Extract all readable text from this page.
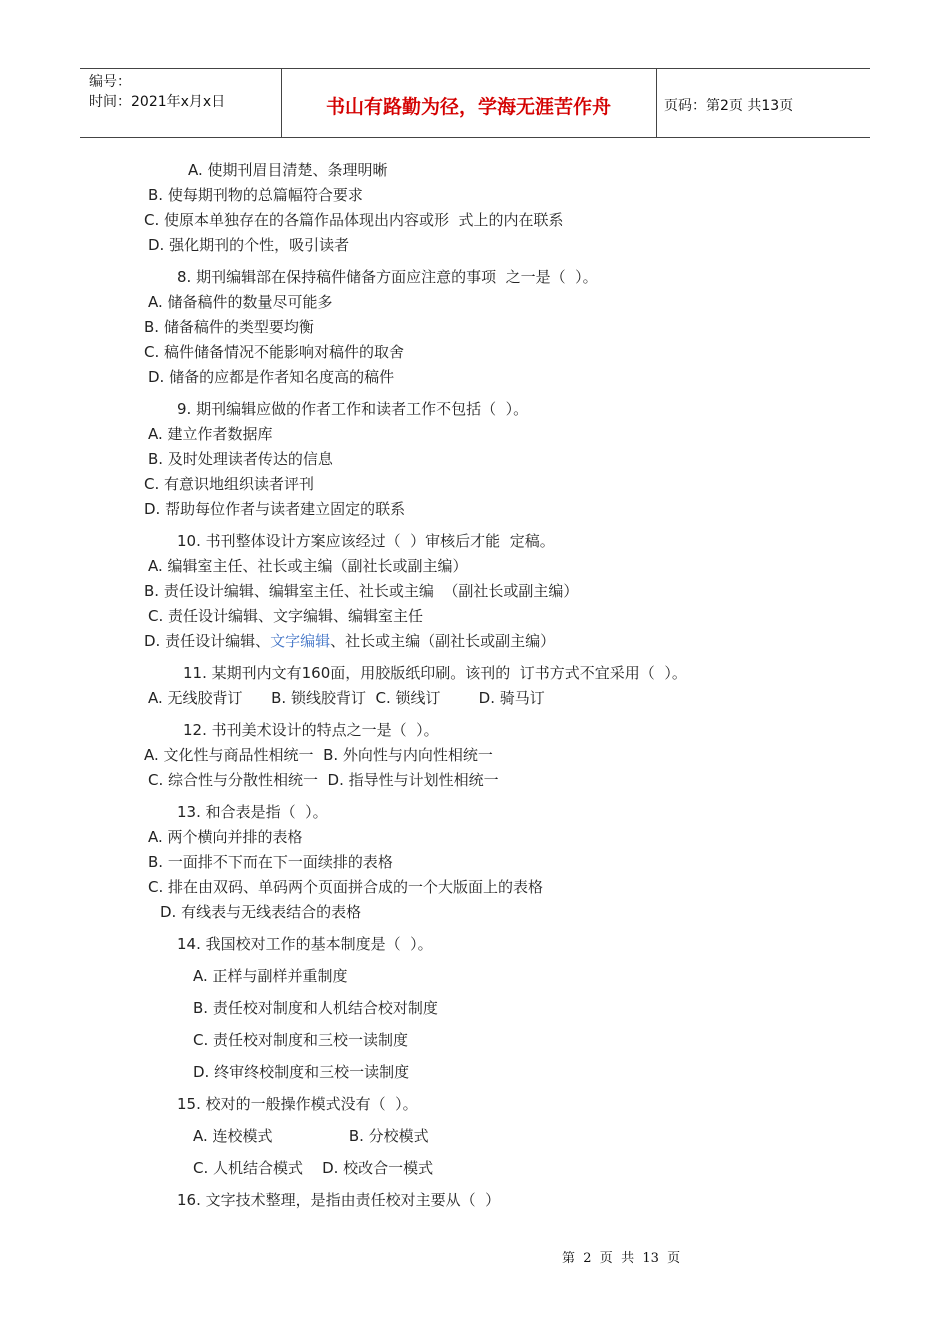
编号：
时间：2021年x月x日	书山有路勤为径，学海无涯苦作舟	页码：第2页 共13页
A. 使期刊眉目清楚、条理明晰
B. 使每期刊物的总篇幅符合要求
C. 使原本单独存在的各篇作品体现出内容或形  式上的内在联系
D. 强化期刊的个性，吸引读者
8. 期刊编辑部在保持稿件储备方面应注意的事项  之一是（  ）。
A. 储备稿件的数量尽可能多
B. 储备稿件的类型要均衡
C. 稿件储备情况不能影响对稿件的取舍
D. 储备的应都是作者知名度高的稿件
9. 期刊编辑应做的作者工作和读者工作不包括（  ）。
A. 建立作者数据库
B. 及时处理读者传达的信息
C. 有意识地组织读者评刊
D. 帮助每位作者与读者建立固定的联系
10. 书刊整体设计方案应该经过（  ）审核后才能  定稿。
A. 编辑室主任、社长或主编（副社长或副主编）
B. 责任设计编辑、编辑室主任、社长或主编  （副社长或副主编）
C. 责任设计编辑、文字编辑、编辑室主任
D. 责任设计编辑、文字编辑、社长或主编（副社长或副主编）
11. 某期刊内文有160面，用胶版纸印刷。该刊的  订书方式不宜采用（  ）。
A. 无线胶背订      B. 锁线胶背订  C. 锁线订        D. 骑马订
12. 书刊美术设计的特点之一是（  ）。
A. 文化性与商品性相统一  B. 外向性与内向性相统一
C. 综合性与分散性相统一  D. 指导性与计划性相统一
13. 和合表是指（  ）。
A. 两个横向并排的表格
B. 一面排不下而在下一面续排的表格
C. 排在由双码、单码两个页面拼合成的一个大版面上的表格
D. 有线表与无线表结合的表格
14. 我国校对工作的基本制度是（  ）。
A. 正样与副样并重制度
B. 责任校对制度和人机结合校对制度
C. 责任校对制度和三校一读制度
D. 终审终校制度和三校一读制度
15. 校对的一般操作模式没有（  ）。
A. 连校模式                B. 分校模式
C. 人机结合模式    D. 校改合一模式
16. 文字技术整理，是指由责任校对主要从（  ）
第  2  页  共  13  页
